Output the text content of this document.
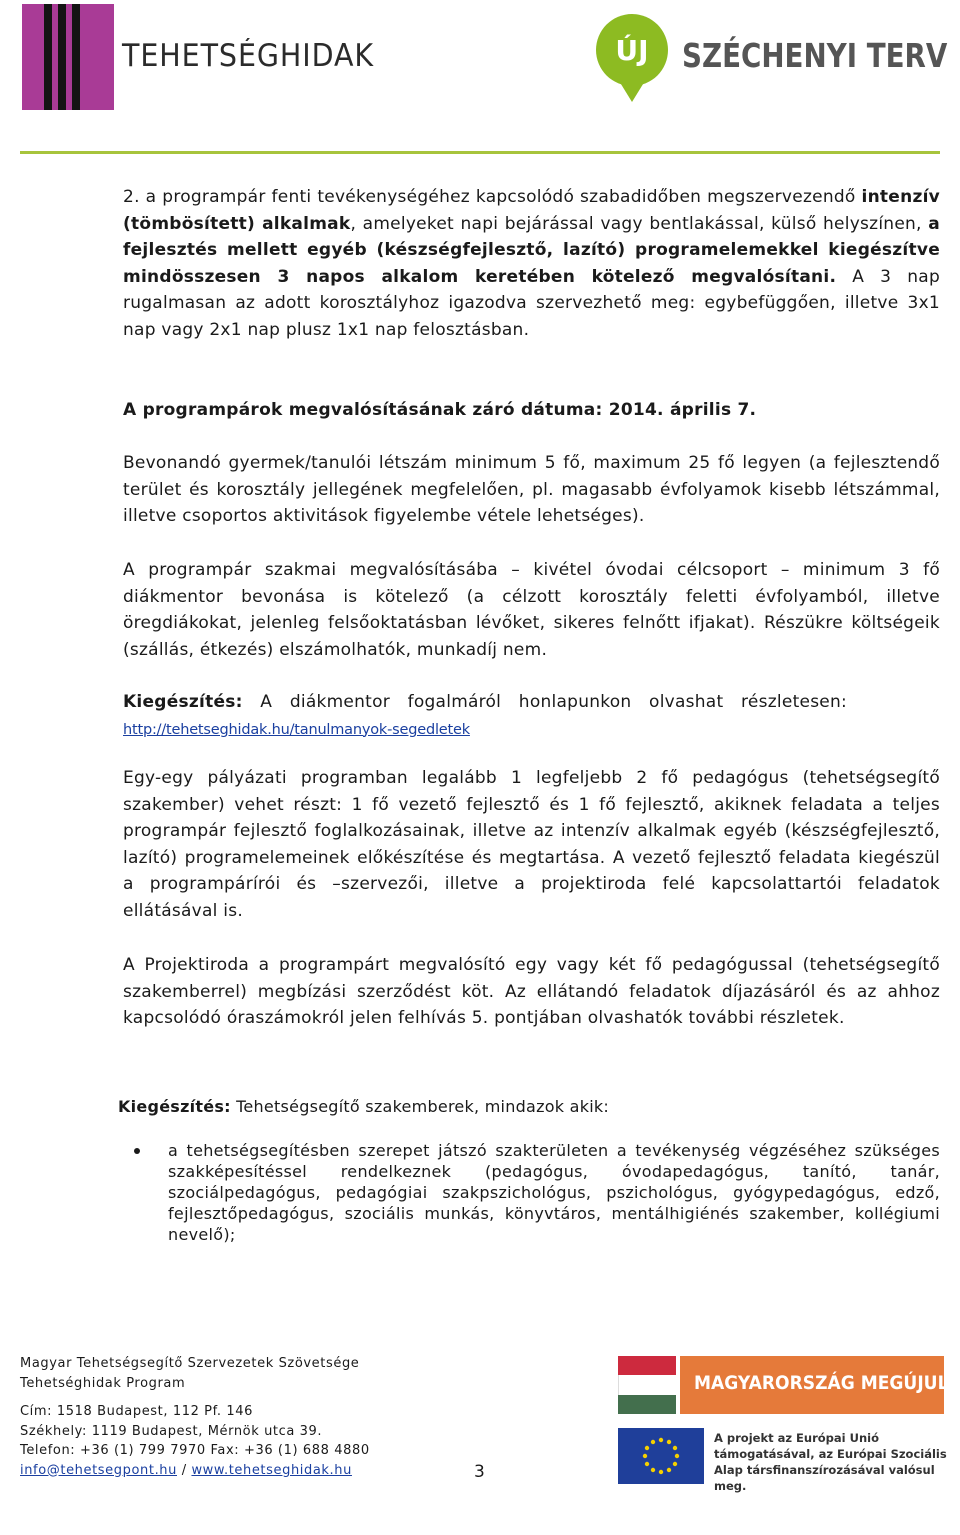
TEHETSÉGHIDAK	ÚJ	SZÉCHENYI TERV

2. a programpár fenti tevékenységéhez kapcsolódó szabadidőben megszervezendő intenzív (tömbösített) alkalmak, amelyeket napi bejárással vagy bentlakással, külső helyszínen, a fejlesztés mellett egyéb (készségfejlesztő, lazító) programelemekkel kiegészítve mindösszesen 3 napos alkalom keretében kötelező megvalósítani. A 3 nap rugalmasan az adott korosztályhoz igazodva szervezhető meg: egybefüggően, illetve 3x1 nap vagy 2x1 nap plusz 1x1 nap felosztásban.

A programpárok megvalósításának záró dátuma: 2014. április 7.

Bevonandó gyermek/tanulói létszám minimum 5 fő, maximum 25 fő legyen (a fejlesztendő terület és korosztály jellegének megfelelően, pl. magasabb évfolyamok kisebb létszámmal, illetve csoportos aktivitások figyelembe vétele lehetséges).

A programpár szakmai megvalósításába – kivétel óvodai célcsoport – minimum 3 fő diákmentor bevonása is kötelező (a célzott korosztály feletti évfolyamból, illetve öregdiákokat, jelenleg felsőoktatásban lévőket, sikeres felnőtt ifjakat). Részükre költségeik (szállás, étkezés) elszámolhatók, munkadíj nem.

Kiegészítés: A diákmentor fogalmáról honlapunkon olvashat részletesen:
http://tehetseghidak.hu/tanulmanyok-segedletek

Egy-egy pályázati programban legalább 1 legfeljebb 2 fő pedagógus (tehetségsegítő szakember) vehet részt: 1 fő vezető fejlesztő és 1 fő fejlesztő, akiknek feladata a teljes programpár fejlesztő foglalkozásainak, illetve az intenzív alkalmak egyéb (készségfejlesztő, lazító) programelemeinek előkészítése és megtartása. A vezető fejlesztő feladata kiegészül a programpárírói és –szervezői, illetve a projektiroda felé kapcsolattartói feladatok ellátásával is.

A Projektiroda a programpárt megvalósító egy vagy két fő pedagógussal (tehetségsegítő szakemberrel) megbízási szerződést köt. Az ellátandó feladatok díjazásáról és az ahhoz kapcsolódó óraszámokról jelen felhívás 5. pontjában olvashatók további részletek.

Kiegészítés: Tehetségsegítő szakemberek, mindazok akik:

a tehetségsegítésben szerepet játszó szakterületen a tevékenység végzéséhez szükséges szakképesítéssel rendelkeznek (pedagógus, óvodapedagógus, tanító, tanár, szociálpedagógus, pedagógiai szakpszichológus, pszichológus, gyógypedagógus, edző, fejlesztőpedagógus, szociális munkás, könyvtáros, mentálhigiénés szakember, kollégiumi nevelő);
Magyar Tehetségsegítő Szervezetek Szövetsége
Tehetséghidak Program
Cím: 1518 Budapest, 112 Pf. 146
Székhely: 1119 Budapest, Mérnök utca 39.
Telefon: +36 (1) 799 7970 Fax: +36 (1) 688 4880
info@tehetsegpont.hu / www.tehetseghidak.hu	3
MAGYARORSZÁG MEGÚJUL
A projekt az Európai Unió támogatásával, az Európai Szociális Alap társfinanszírozásával valósul meg.
